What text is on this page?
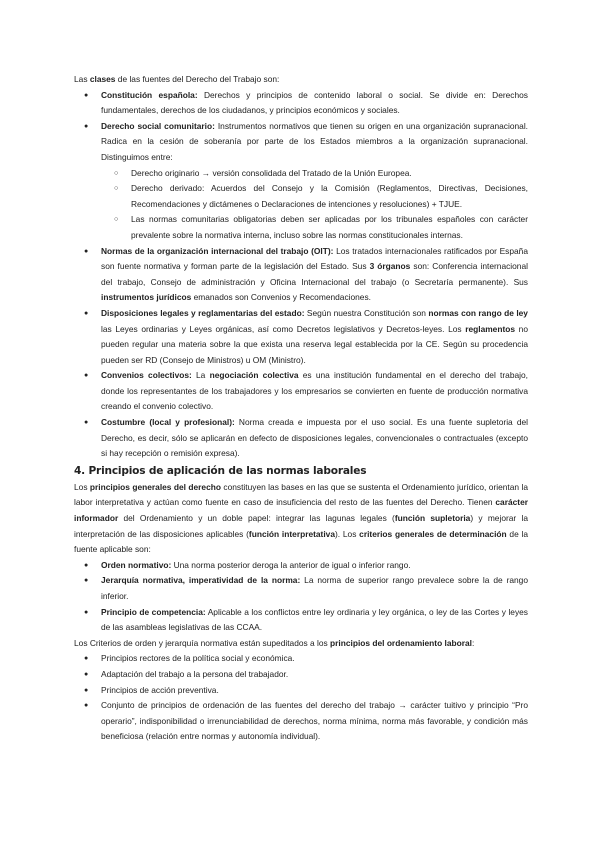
Las clases de las fuentes del Derecho del Trabajo son:

● Constitución española: Derechos y principios de contenido laboral o social. Se divide en: Derechos fundamentales, derechos de los ciudadanos, y principios económicos y sociales.
● Derecho social comunitario: Instrumentos normativos que tienen su origen en una organización supranacional. Radica en la cesión de soberanía por parte de los Estados miembros a la organización supranacional. Distinguimos entre:
○ Derecho originario → versión consolidada del Tratado de la Unión Europea.
○ Derecho derivado: Acuerdos del Consejo y la Comisión (Reglamentos, Directivas, Decisiones, Recomendaciones y dictámenes o Declaraciones de intenciones y resoluciones) + TJUE.
○ Las normas comunitarias obligatorias deben ser aplicadas por los tribunales españoles con carácter prevalente sobre la normativa interna, incluso sobre las normas constitucionales internas.
● Normas de la organización internacional del trabajo (OIT): Los tratados internacionales ratificados por España son fuente normativa y forman parte de la legislación del Estado. Sus 3 órganos son: Conferencia internacional del trabajo, Consejo de administración y Oficina Internacional del trabajo (o Secretaría permanente). Sus instrumentos jurídicos emanados son Convenios y Recomendaciones.
● Disposiciones legales y reglamentarias del estado: Según nuestra Constitución son normas con rango de ley las Leyes ordinarias y Leyes orgánicas, así como Decretos legislativos y Decretos-leyes. Los reglamentos no pueden regular una materia sobre la que exista una reserva legal establecida por la CE. Según su procedencia pueden ser RD (Consejo de Ministros) u OM (Ministro).
● Convenios colectivos: La negociación colectiva es una institución fundamental en el derecho del trabajo, donde los representantes de los trabajadores y los empresarios se convierten en fuente de producción normativa creando el convenio colectivo.
● Costumbre (local y profesional): Norma creada e impuesta por el uso social. Es una fuente supletoria del Derecho, es decir, sólo se aplicarán en defecto de disposiciones legales, convencionales o contractuales (excepto si hay recepción o remisión expresa).
4. Principios de aplicación de las normas laborales

Los principios generales del derecho constituyen las bases en las que se sustenta el Ordenamiento jurídico, orientan la labor interpretativa y actúan como fuente en caso de insuficiencia del resto de las fuentes del Derecho. Tienen carácter informador del Ordenamiento y un doble papel: integrar las lagunas legales (función supletoria) y mejorar la interpretación de las disposiciones aplicables (función interpretativa). Los criterios generales de determinación de la fuente aplicable son:

● Orden normativo: Una norma posterior deroga la anterior de igual o inferior rango.
● Jerarquía normativa, imperatividad de la norma: La norma de superior rango prevalece sobre la de rango inferior.
● Principio de competencia: Aplicable a los conflictos entre ley ordinaria y ley orgánica, o ley de las Cortes y leyes de las asambleas legislativas de las CCAA.

Los Criterios de orden y jerarquía normativa están supeditados a los principios del ordenamiento laboral:

● Principios rectores de la política social y económica.
● Adaptación del trabajo a la persona del trabajador.
● Principios de acción preventiva.
● Conjunto de principios de ordenación de las fuentes del derecho del trabajo → carácter tuitivo y principio “Pro operario”, indisponibilidad o irrenunciabilidad de derechos, norma mínima, norma más favorable, y condición más beneficiosa (relación entre normas y autonomía individual).
